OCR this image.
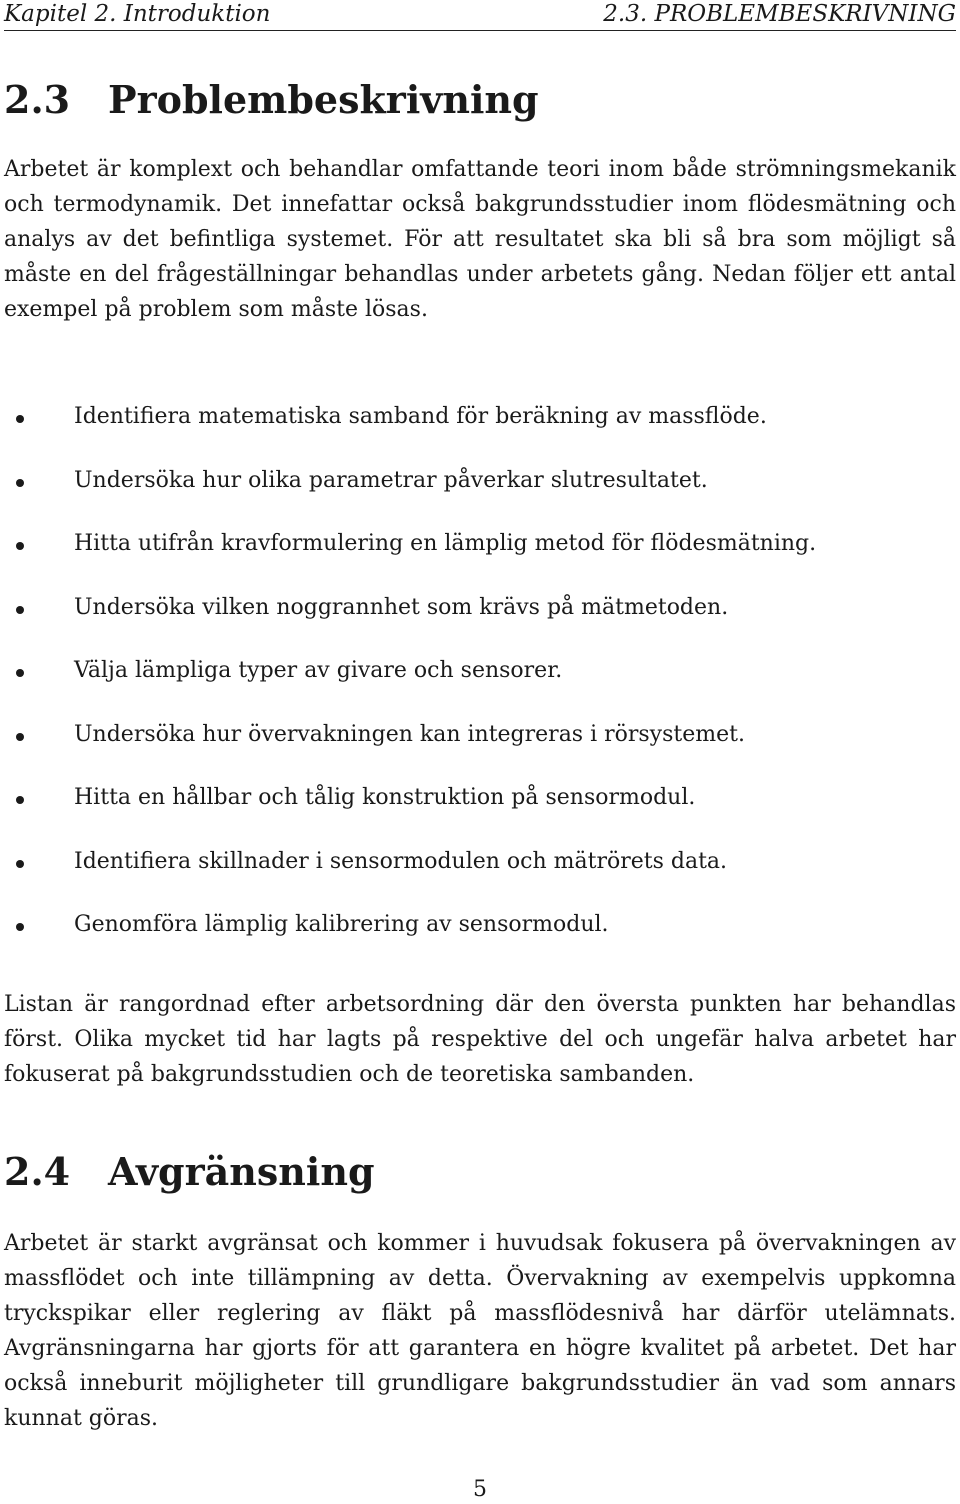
Kapitel 2. Introduktion	2.3. PROBLEMBESKRIVNING
2.3 Problembeskrivning

Arbetet är komplext och behandlar omfattande teori inom både strömningsmekanik och termodynamik. Det innefattar också bakgrundsstudier inom flödesmätning och analys av det befintliga systemet. För att resultatet ska bli så bra som möjligt så måste en del frågeställningar behandlas under arbetets gång. Nedan följer ett antal exempel på problem som måste lösas.

Identifiera matematiska samband för beräkning av massflöde.
Undersöka hur olika parametrar påverkar slutresultatet.
Hitta utifrån kravformulering en lämplig metod för flödesmätning.
Undersöka vilken noggrannhet som krävs på mätmetoden.
Välja lämpliga typer av givare och sensorer.
Undersöka hur övervakningen kan integreras i rörsystemet.
Hitta en hållbar och tålig konstruktion på sensormodul.
Identifiera skillnader i sensormodulen och mätrörets data.
Genomföra lämplig kalibrering av sensormodul.

Listan är rangordnad efter arbetsordning där den översta punkten har behandlas först. Olika mycket tid har lagts på respektive del och ungefär halva arbetet har fokuserat på bakgrundsstudien och de teoretiska sambanden.

2.4 Avgränsning

Arbetet är starkt avgränsat och kommer i huvudsak fokusera på övervakningen av massflödet och inte tillämpning av detta. Övervakning av exempelvis uppkomna tryckspikar eller reglering av fläkt på massflödesnivå har därför utelämnats. Avgränsningarna har gjorts för att garantera en högre kvalitet på arbetet. Det har också inneburit möjligheter till grundligare bakgrundsstudier än vad som annars kunnat göras.

5
